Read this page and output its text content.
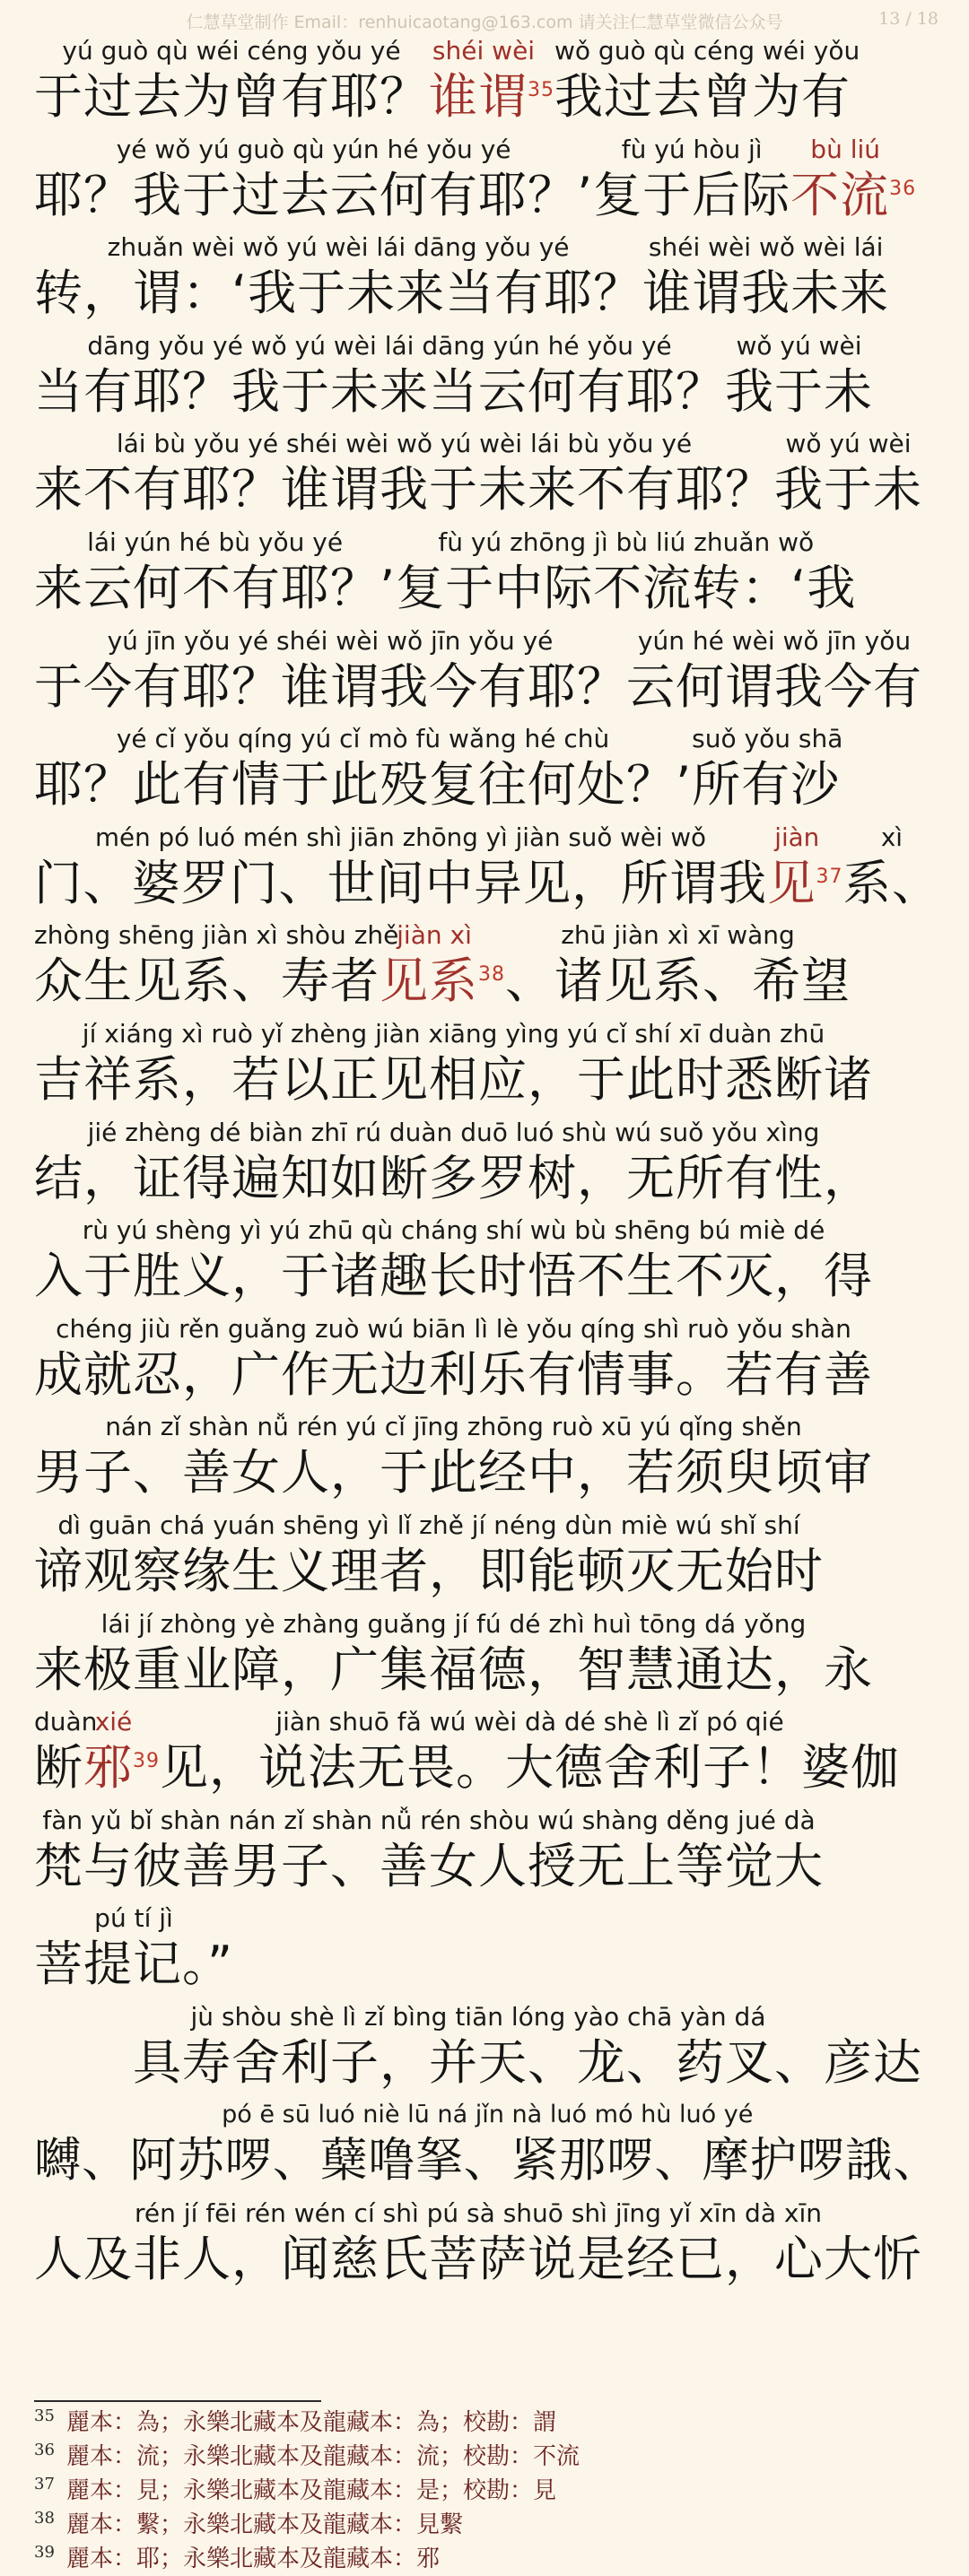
仁慧草堂制作 Email：renhuicaotang@163.com 请关注仁慧草堂微信公众号	13 / 18
yú guò qù wéi céng yǒu yé
于过去为曾有耶？
shéi wèi
谁谓$^{35}$
wǒ guò qù céng wéi yǒu
我过去曾为有
yé wǒ yú guò qù yún hé yǒu yé
耶？我于过去云何有耶？’
fù yú hòu jì
复于后际
bù liú
不流$^{36}$
zhuǎn wèi wǒ yú wèi lái dāng yǒu yé
转，谓：‘我于未来当有耶？
shéi wèi wǒ wèi lái
谁谓我未来
dāng yǒu yé wǒ yú wèi lái dāng yún hé yǒu yé
当有耶？我于未来当云何有耶？
wǒ yú wèi
我于未
lái bù yǒu yé shéi wèi wǒ yú wèi lái bù yǒu yé
来不有耶？谁谓我于未来不有耶？
wǒ yú wèi
我于未
lái yún hé bù yǒu yé
来云何不有耶？’
fù yú zhōng jì bù liú zhuǎn wǒ
复于中际不流转：‘我
yú jīn yǒu yé shéi wèi wǒ jīn yǒu yé
于今有耶？谁谓我今有耶？
yún hé wèi wǒ jīn yǒu
云何谓我今有
yé cǐ yǒu qíng yú cǐ mò fù wǎng hé chù
耶？此有情于此殁复往何处？’
suǒ yǒu shā
所有沙
mén pó luó mén shì jiān zhōng yì jiàn suǒ wèi wǒ
门、婆罗门、世间中异见，所谓我
jiàn
见$^{37}$
xì
系、
zhòng shēng jiàn xì shòu zhě
众生见系、寿者
jiàn xì
见系$^{38}$
zhū jiàn xì xī wàng
、诸见系、希望
jí xiáng xì ruò yǐ zhèng jiàn xiāng yìng yú cǐ shí xī duàn zhū
吉祥系，若以正见相应，于此时悉断诸
jié zhèng dé biàn zhī rú duàn duō luó shù wú suǒ yǒu xìng
结，证得遍知如断多罗树，无所有性，
rù yú shèng yì yú zhū qù cháng shí wù bù shēng bú miè dé
入于胜义，于诸趣长时悟不生不灭，得
chéng jiù rěn guǎng zuò wú biān lì lè yǒu qíng shì ruò yǒu shàn
成就忍，广作无边利乐有情事。若有善
nán zǐ shàn nǚ rén yú cǐ jīng zhōng ruò xū yú qǐng shěn
男子、善女人，于此经中，若须臾顷审
dì guān chá yuán shēng yì lǐ zhě jí néng dùn miè wú shǐ shí
谛观察缘生义理者，即能顿灭无始时
lái jí zhòng yè zhàng guǎng jí fú dé zhì huì tōng dá yǒng
来极重业障，广集福德，智慧通达，永
duàn
断
xié
邪$^{39}$
jiàn shuō fǎ wú wèi dà dé shè lì zǐ pó qié
见，说法无畏。大德舍利子！婆伽
fàn yǔ bǐ shàn nán zǐ shàn nǚ rén shòu wú shàng děng jué dà
梵与彼善男子、善女人授无上等觉大
pú tí jì
菩提记。”
jù shòu shè lì zǐ bìng tiān lóng yào chā yàn dá
　　具寿舍利子，并天、龙、药叉、彦达
pó ē sū luó niè lū ná jǐn nà luó mó hù luó yé
嚩、阿苏啰、蘖噜拏、紧那啰、摩护啰誐、
rén jí fēi rén wén cí shì pú sà shuō shì jīng yǐ xīn dà xīn
人及非人，闻慈氏菩萨说是经已，心大忻
35 麗本：為；永樂北藏本及龍藏本：為；校勘：謂
36 麗本：流；永樂北藏本及龍藏本：流；校勘：不流
37 麗本：見；永樂北藏本及龍藏本：是；校勘：見
38 麗本：繫；永樂北藏本及龍藏本：見繫
39 麗本：耶；永樂北藏本及龍藏本：邪
